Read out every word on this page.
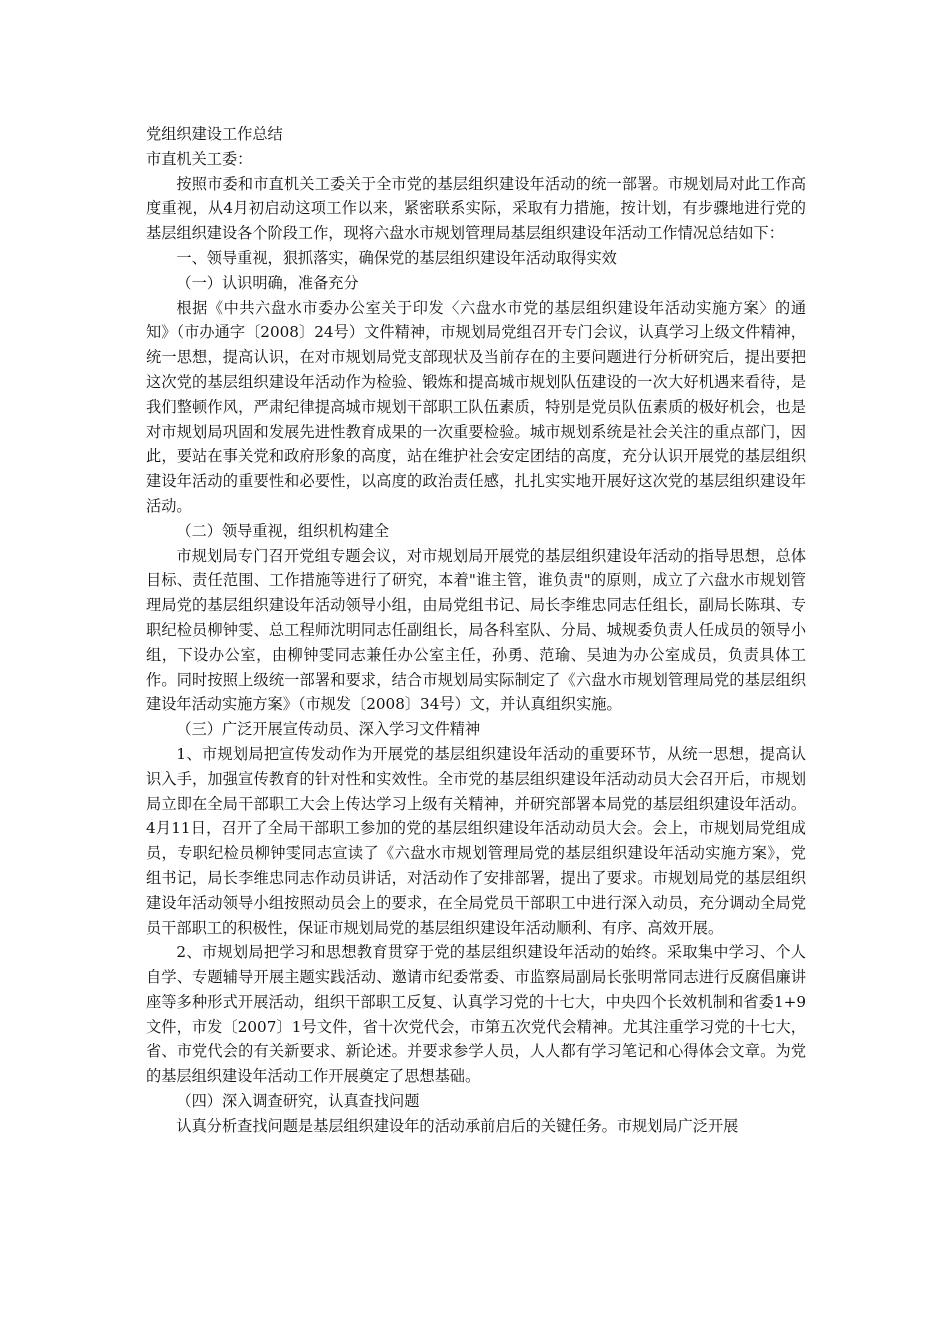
党组织建设工作总结

市直机关工委：

按照市委和市直机关工委关于全市党的基层组织建设年活动的统一部署。市规划局对此工作高度重视，从4月初启动这项工作以来，紧密联系实际，采取有力措施，按计划，有步骤地进行党的基层组织建设各个阶段工作，现将六盘水市规划管理局基层组织建设年活动工作情况总结如下：

一、领导重视，狠抓落实，确保党的基层组织建设年活动取得实效

（一）认识明确，准备充分

根据《中共六盘水市委办公室关于印发〈六盘水市党的基层组织建设年活动实施方案〉的通知》（市办通字〔2008〕24号）文件精神，市规划局党组召开专门会议，认真学习上级文件精神，统一思想，提高认识，在对市规划局党支部现状及当前存在的主要问题进行分析研究后，提出要把这次党的基层组织建设年活动作为检验、锻炼和提高城市规划队伍建设的一次大好机遇来看待，是我们整顿作风，严肃纪律提高城市规划干部职工队伍素质，特别是党员队伍素质的极好机会，也是对市规划局巩固和发展先进性教育成果的一次重要检验。城市规划系统是社会关注的重点部门，因此，要站在事关党和政府形象的高度，站在维护社会安定团结的高度，充分认识开展党的基层组织建设年活动的重要性和必要性，以高度的政治责任感，扎扎实实地开展好这次党的基层组织建设年活动。

（二）领导重视，组织机构建全

市规划局专门召开党组专题会议，对市规划局开展党的基层组织建设年活动的指导思想，总体目标、责任范围、工作措施等进行了研究，本着"谁主管，谁负责"的原则，成立了六盘水市规划管理局党的基层组织建设年活动领导小组，由局党组书记、局长李维忠同志任组长，副局长陈琪、专职纪检员柳钟雯、总工程师沈明同志任副组长，局各科室队、分局、城规委负责人任成员的领导小组，下设办公室，由柳钟雯同志兼任办公室主任，孙勇、范瑜、吴迪为办公室成员，负责具体工作。同时按照上级统一部署和要求，结合市规划局实际制定了《六盘水市规划管理局党的基层组织建设年活动实施方案》（市规发〔2008〕34号）文，并认真组织实施。

（三）广泛开展宣传动员、深入学习文件精神

1、市规划局把宣传发动作为开展党的基层组织建设年活动的重要环节，从统一思想，提高认识入手，加强宣传教育的针对性和实效性。全市党的基层组织建设年活动动员大会召开后，市规划局立即在全局干部职工大会上传达学习上级有关精神，并研究部署本局党的基层组织建设年活动。4月11日，召开了全局干部职工参加的党的基层组织建设年活动动员大会。会上，市规划局党组成员，专职纪检员柳钟雯同志宣读了《六盘水市规划管理局党的基层组织建设年活动实施方案》，党组书记，局长李维忠同志作动员讲话，对活动作了安排部署，提出了要求。市规划局党的基层组织建设年活动领导小组按照动员会上的要求，在全局党员干部职工中进行深入动员，充分调动全局党员干部职工的积极性，保证市规划局党的基层组织建设年活动顺利、有序、高效开展。

2、市规划局把学习和思想教育贯穿于党的基层组织建设年活动的始终。采取集中学习、个人自学、专题辅导开展主题实践活动、邀请市纪委常委、市监察局副局长张明常同志进行反腐倡廉讲座等多种形式开展活动，组织干部职工反复、认真学习党的十七大，中央四个长效机制和省委1+9文件，市发〔2007〕1号文件，省十次党代会，市第五次党代会精神。尤其注重学习党的十七大，省、市党代会的有关新要求、新论述。并要求参学人员，人人都有学习笔记和心得体会文章。为党的基层组织建设年活动工作开展奠定了思想基础。

（四）深入调查研究，认真查找问题

认真分析查找问题是基层组织建设年的活动承前启后的关键任务。市规划局广泛开展
